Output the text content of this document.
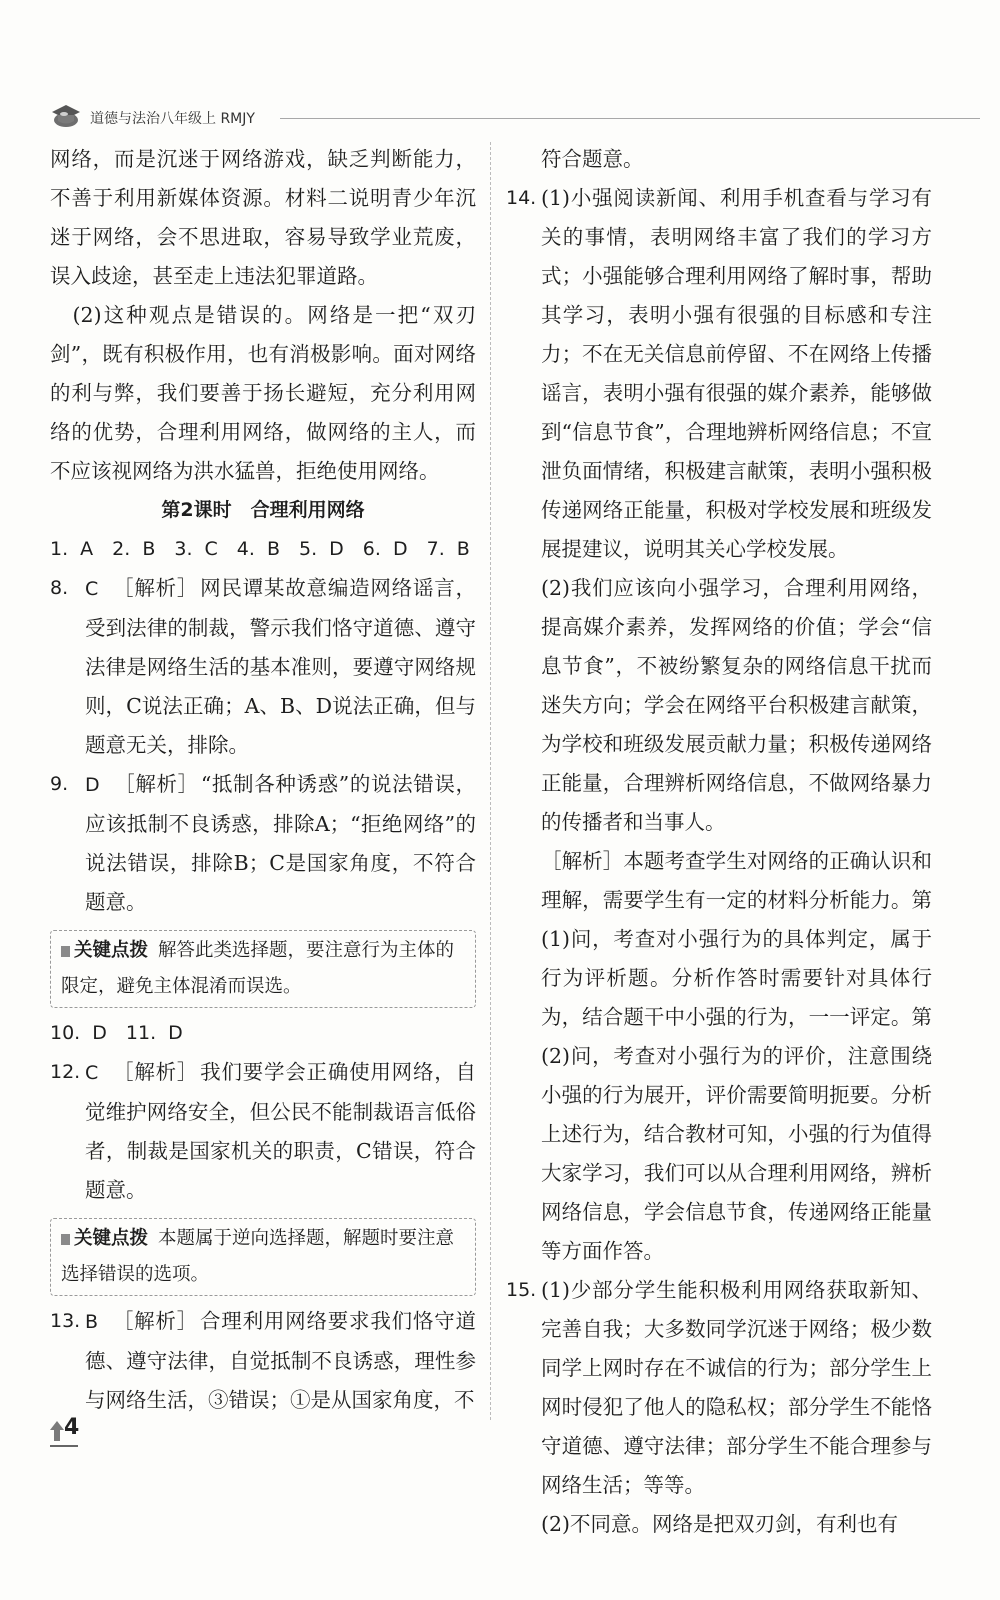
道德与法治八年级上 RMJY

网络，而是沉迷于网络游戏，缺乏判断能力，不善于利用新媒体资源。材料二说明青少年沉迷于网络，会不思进取，容易导致学业荒废，误入歧途，甚至走上违法犯罪道路。

(2)这种观点是错误的。网络是一把“双刃剑”，既有积极作用，也有消极影响。面对网络的利与弊，我们要善于扬长避短，充分利用网络的优势，合理利用网络，做网络的主人，而不应该视网络为洪水猛兽，拒绝使用网络。

第2课时　合理利用网络

1. A　2. B　3. C　4. B　5. D　6. D　7. B

8. C ［解析］网民谭某故意编造网络谣言，受到法律的制裁，警示我们恪守道德、遵守法律是网络生活的基本准则，要遵守网络规则，C说法正确；A、B、D说法正确，但与题意无关，排除。
9. D ［解析］“抵制各种诱惑”的说法错误，应该抵制不良诱惑，排除A；“拒绝网络”的说法错误，排除B；C是国家角度，不符合题意。
关键点拨 解答此类选择题，要注意行为主体的限定，避免主体混淆而误选。

10. D　11. D

12. C ［解析］我们要学会正确使用网络，自觉维护网络安全，但公民不能制裁语言低俗者，制裁是国家机关的职责，C错误，符合题意。
关键点拨 本题属于逆向选择题，解题时要注意选择错误的选项。
13. B ［解析］合理利用网络要求我们恪守道德、遵守法律，自觉抵制不良诱惑，理性参与网络生活，③错误；①是从国家角度，不

符合题意。

14. (1)小强阅读新闻、利用手机查看与学习有关的事情，表明网络丰富了我们的学习方式；小强能够合理利用网络了解时事，帮助其学习，表明小强有很强的目标感和专注力；不在无关信息前停留、不在网络上传播谣言，表明小强有很强的媒介素养，能够做到“信息节食”，合理地辨析网络信息；不宣泄负面情绪，积极建言献策，表明小强积极传递网络正能量，积极对学校发展和班级发展提建议，说明其关心学校发展。

(2)我们应该向小强学习，合理利用网络，提高媒介素养，发挥网络的价值；学会“信息节食”，不被纷繁复杂的网络信息干扰而迷失方向；学会在网络平台积极建言献策，为学校和班级发展贡献力量；积极传递网络正能量，合理辨析网络信息，不做网络暴力的传播者和当事人。

［解析］本题考查学生对网络的正确认识和理解，需要学生有一定的材料分析能力。第(1)问，考查对小强行为的具体判定，属于行为评析题。分析作答时需要针对具体行为，结合题干中小强的行为，一一评定。第(2)问，考查对小强行为的评价，注意围绕小强的行为展开，评价需要简明扼要。分析上述行为，结合教材可知，小强的行为值得大家学习，我们可以从合理利用网络，辨析网络信息，学会信息节食，传递网络正能量等方面作答。

15. (1)少部分学生能积极利用网络获取新知、完善自我；大多数同学沉迷于网络；极少数同学上网时存在不诚信的行为；部分学生上网时侵犯了他人的隐私权；部分学生不能恪守道德、遵守法律；部分学生不能合理参与网络生活；等等。

(2)不同意。网络是把双刃剑，有利也有

4
